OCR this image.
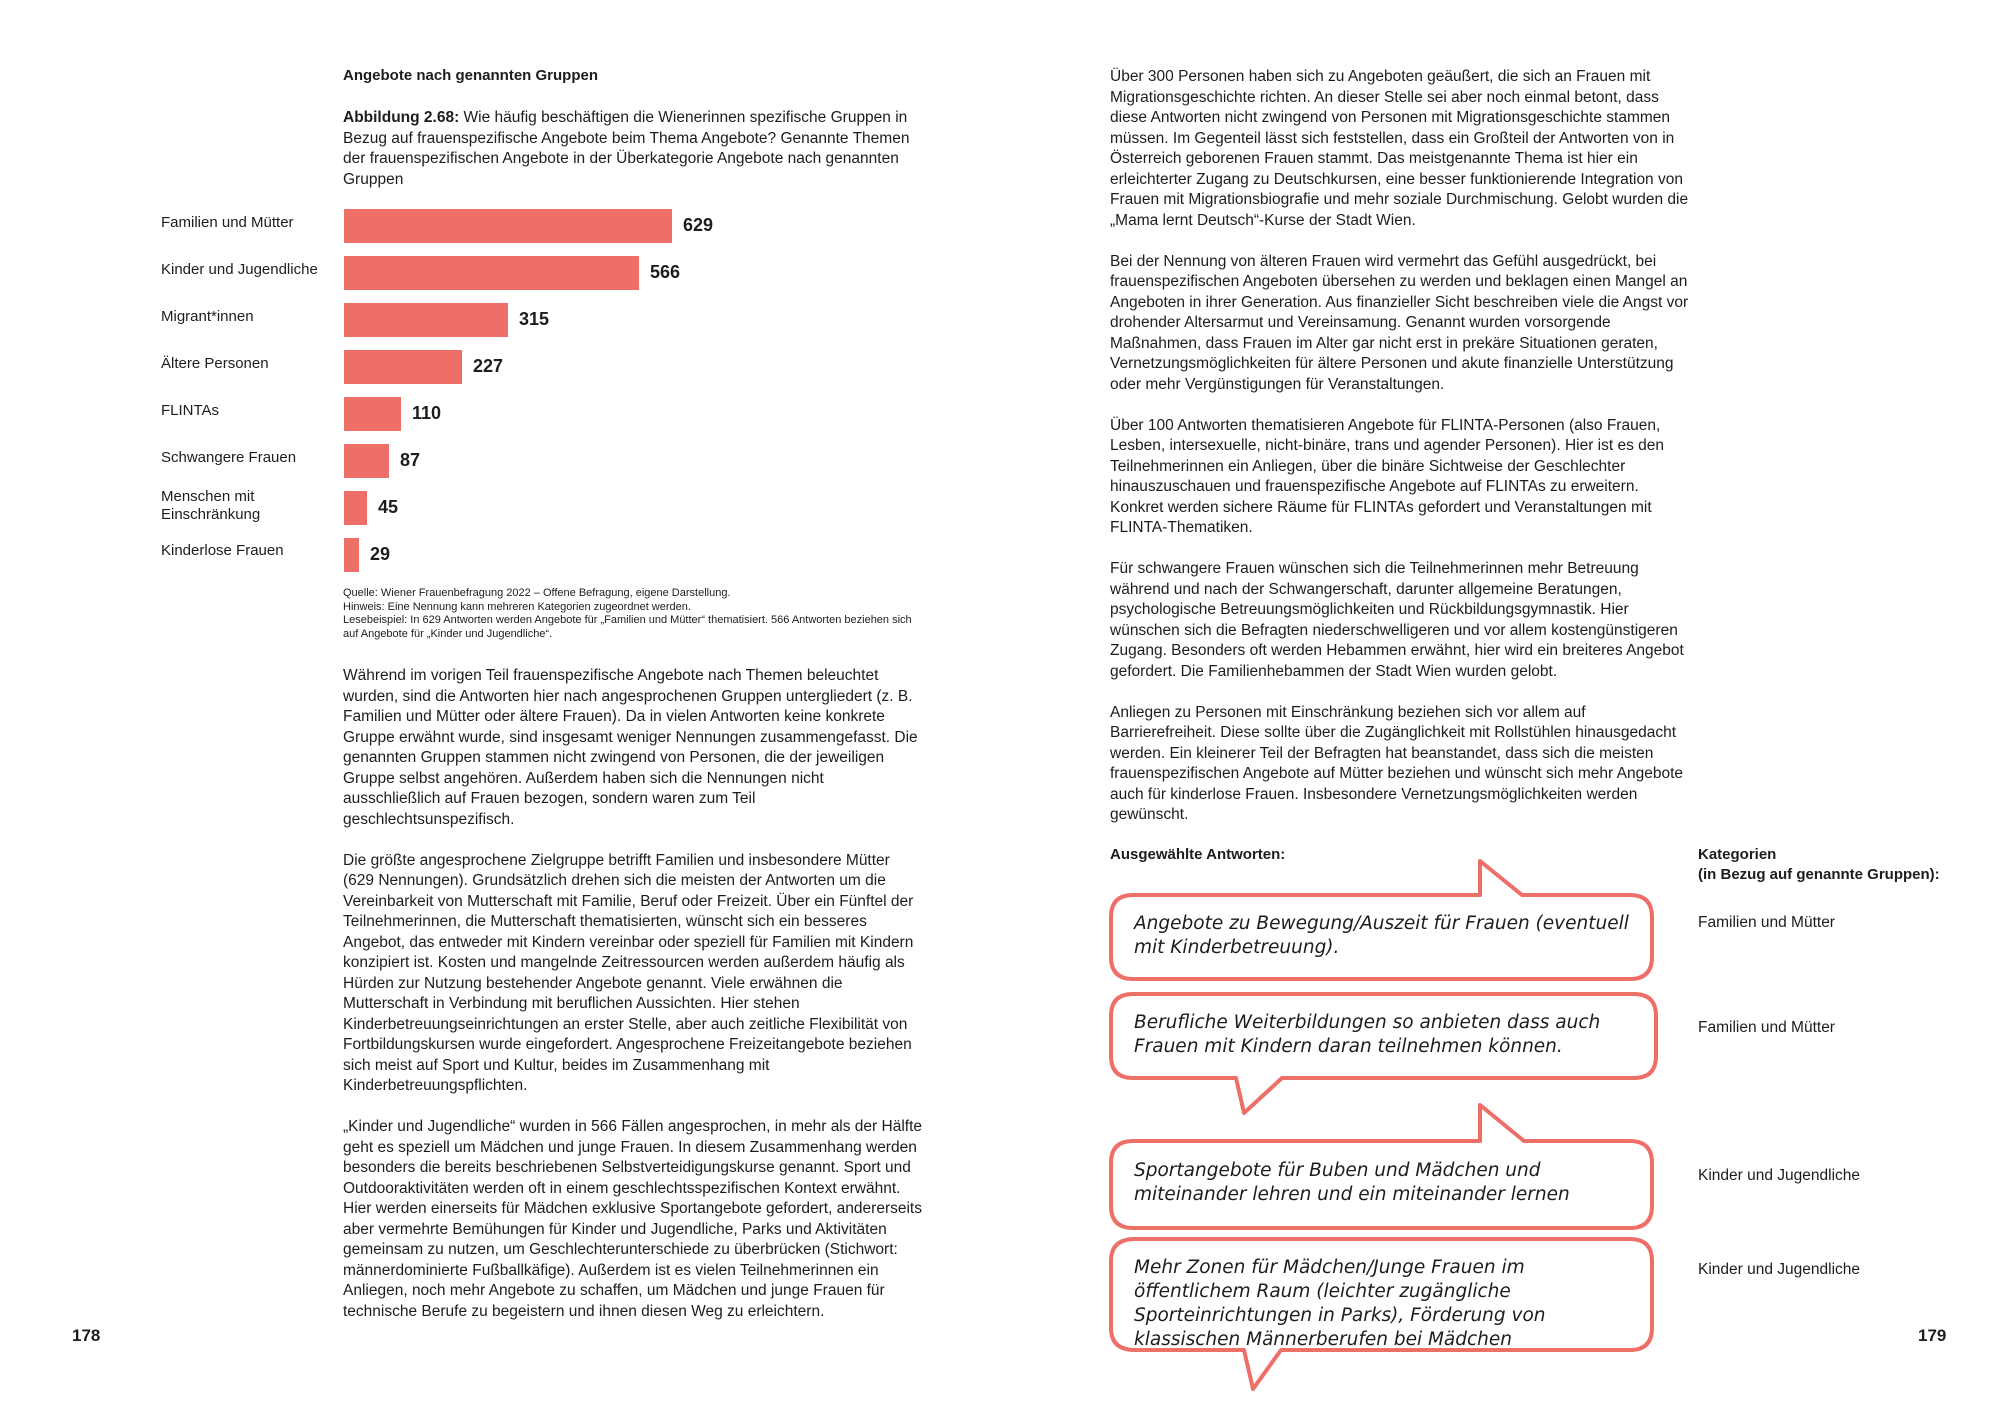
Angebote nach genannten Gruppen
Abbildung 2.68: Wie häufig beschäftigen die Wienerinnen spezifische Gruppen in Bezug auf frauenspezifische Angebote beim Thema Angebote? Genannte Themen der frauenspezifischen Angebote in der Überkategorie Angebote nach genannten Gruppen
Familien und Mütter
Kinder und Jugendliche
Migrant*innen
Ältere Personen
FLINTAs
Schwangere Frauen
Menschen mit Einschränkung
Kinderlose Frauen
629
566
315
227
110
87
45
29
Quelle: Wiener Frauenbefragung 2022 – Offene Befragung, eigene Darstellung.
Hinweis: Eine Nennung kann mehreren Kategorien zugeordnet werden.
Lesebeispiel: In 629 Antworten werden Angebote für „Familien und Mütter“ thematisiert. 566 Antworten beziehen sich auf Angebote für „Kinder und Jugendliche“.

Während im vorigen Teil frauenspezifische Angebote nach Themen beleuchtet wurden, sind die Antworten hier nach angesprochenen Gruppen untergliedert (z. B. Familien und Mütter oder ältere Frauen). Da in vielen Antworten keine konkrete Gruppe erwähnt wurde, sind insgesamt weniger Nennungen zusammengefasst. Die genannten Gruppen stammen nicht zwingend von Personen, die der jeweiligen Gruppe selbst angehören. Außerdem haben sich die Nennungen nicht ausschließlich auf Frauen bezogen, sondern waren zum Teil geschlechtsunspezifisch.

Die größte angesprochene Zielgruppe betrifft Familien und insbesondere Mütter (629 Nennungen). Grundsätzlich drehen sich die meisten der Antworten um die Vereinbarkeit von Mutterschaft mit Familie, Beruf oder Freizeit. Über ein Fünftel der Teilnehmerinnen, die Mutterschaft thematisierten, wünscht sich ein besseres Angebot, das entweder mit Kindern vereinbar oder speziell für Familien mit Kindern konzipiert ist. Kosten und mangelnde Zeitressourcen werden außerdem häufig als Hürden zur Nutzung bestehender Angebote genannt. Viele erwähnen die Mutterschaft in Verbindung mit beruflichen Aussichten. Hier stehen Kinderbetreuungseinrichtungen an erster Stelle, aber auch zeitliche Flexibilität von Fortbildungskursen wurde eingefordert. Angesprochene Freizeitangebote beziehen sich meist auf Sport und Kultur, beides im Zusammenhang mit Kinderbetreuungspflichten.

„Kinder und Jugendliche“ wurden in 566 Fällen angesprochen, in mehr als der Hälfte geht es speziell um Mädchen und junge Frauen. In diesem Zusammenhang werden besonders die bereits beschriebenen Selbstverteidigungskurse genannt. Sport und Outdooraktivitäten werden oft in einem geschlechtsspezifischen Kontext erwähnt. Hier werden einerseits für Mädchen exklusive Sportangebote gefordert, andererseits aber vermehrte Bemühungen für Kinder und Jugendliche, Parks und Aktivitäten gemeinsam zu nutzen, um Geschlechterunterschiede zu überbrücken (Stichwort: männerdominierte Fußballkäfige). Außerdem ist es vielen Teilnehmerinnen ein Anliegen, noch mehr Angebote zu schaffen, um Mädchen und junge Frauen für technische Berufe zu begeistern und ihnen diesen Weg zu erleichtern.

178

Über 300 Personen haben sich zu Angeboten geäußert, die sich an Frauen mit Migrationsgeschichte richten. An dieser Stelle sei aber noch einmal betont, dass diese Antworten nicht zwingend von Personen mit Migrationsgeschichte stammen müssen. Im Gegenteil lässt sich feststellen, dass ein Großteil der Antworten von in Österreich geborenen Frauen stammt. Das meistgenannte Thema ist hier ein erleichterter Zugang zu Deutschkursen, eine besser funktionierende Integration von Frauen mit Migrationsbiografie und mehr soziale Durchmischung. Gelobt wurden die „Mama lernt Deutsch“-Kurse der Stadt Wien.

Bei der Nennung von älteren Frauen wird vermehrt das Gefühl ausgedrückt, bei frauenspezifischen Angeboten übersehen zu werden und beklagen einen Mangel an Angeboten in ihrer Generation. Aus finanzieller Sicht beschreiben viele die Angst vor drohender Altersarmut und Vereinsamung. Genannt wurden vorsorgende Maßnahmen, dass Frauen im Alter gar nicht erst in prekäre Situationen geraten, Vernetzungsmöglichkeiten für ältere Personen und akute finanzielle Unterstützung oder mehr Vergünstigungen für Veranstaltungen.

Über 100 Antworten thematisieren Angebote für FLINTA-Personen (also Frauen, Lesben, intersexuelle, nicht-binäre, trans und agender Personen). Hier ist es den Teilnehmerinnen ein Anliegen, über die binäre Sichtweise der Geschlechter hinauszuschauen und frauenspezifische Angebote auf FLINTAs zu erweitern. Konkret werden sichere Räume für FLINTAs gefordert und Veranstaltungen mit FLINTA-Thematiken.

Für schwangere Frauen wünschen sich die Teilnehmerinnen mehr Betreuung während und nach der Schwangerschaft, darunter allgemeine Beratungen, psychologische Betreuungsmöglichkeiten und Rückbildungsgymnastik. Hier wünschen sich die Befragten niederschwelligeren und vor allem kostengünstigeren Zugang. Besonders oft werden Hebammen erwähnt, hier wird ein breiteres Angebot gefordert. Die Familienhebammen der Stadt Wien wurden gelobt.

Anliegen zu Personen mit Einschränkung beziehen sich vor allem auf Barrierefreiheit. Diese sollte über die Zugänglichkeit mit Rollstühlen hinausgedacht werden. Ein kleinerer Teil der Befragten hat beanstandet, dass sich die meisten frauenspezifischen Angebote auf Mütter beziehen und wünscht sich mehr Angebote auch für kinderlose Frauen. Insbesondere Vernetzungsmöglichkeiten werden gewünscht.

Ausgewählte Antworten:	Kategorien
(in Bezug auf genannte Gruppen):
Angebote zu Bewegung/Auszeit für Frauen (eventuell mit Kinderbetreuung).
Berufliche Weiterbildungen so anbieten dass auch Frauen mit Kindern daran teilnehmen können.
Sportangebote für Buben und Mädchen und miteinander lehren und ein miteinander lernen
Mehr Zonen für Mädchen/Junge Frauen im öffentlichem Raum (leichter zugängliche Sporteinrichtungen in Parks), Förderung von klassischen Männerberufen bei Mädchen
Familien und Mütter
Familien und Mütter
Kinder und Jugendliche
Kinder und Jugendliche
179
